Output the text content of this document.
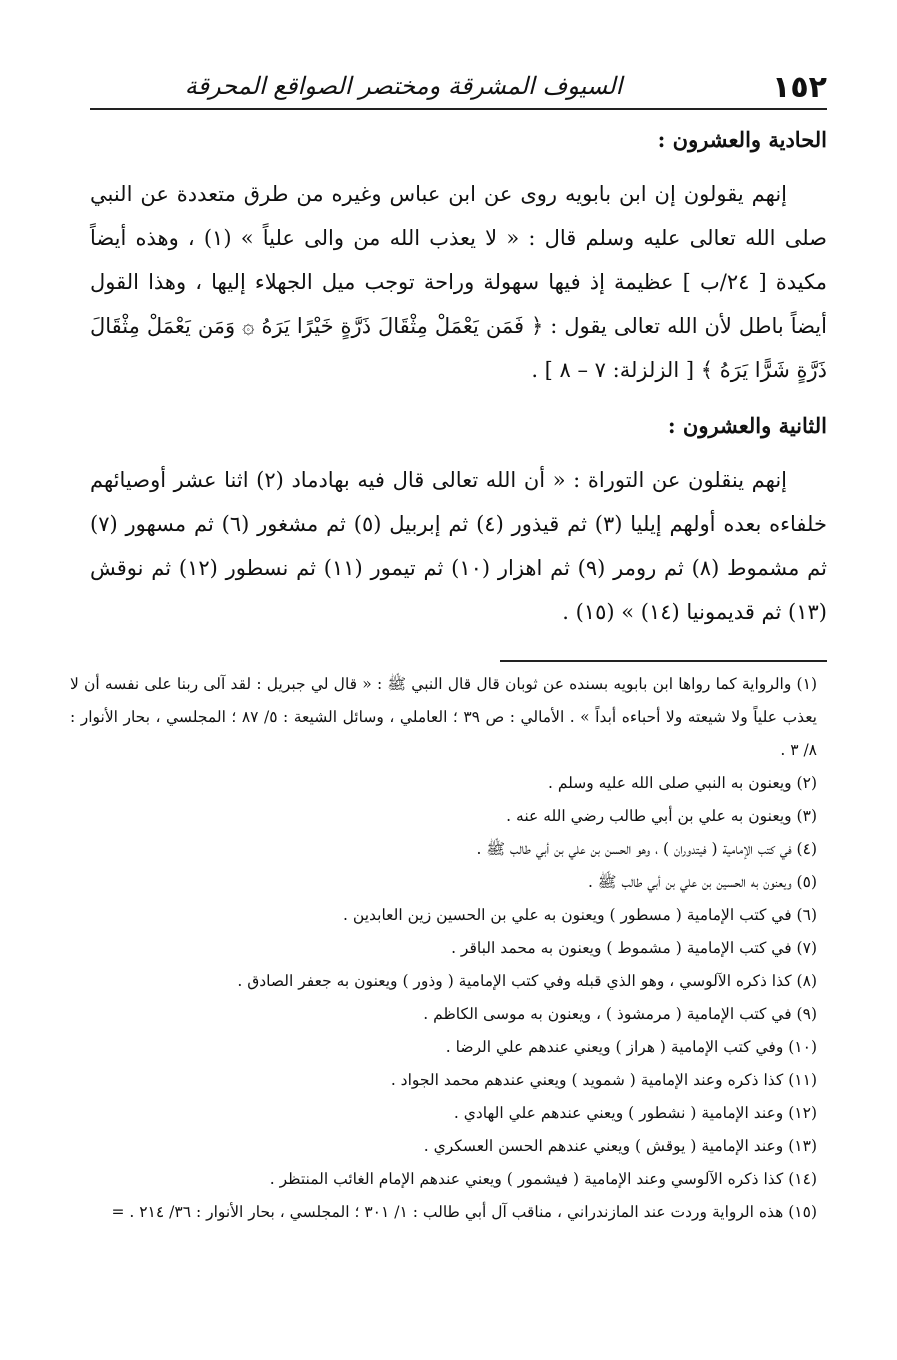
١٥٢
السيوف المشرقة ومختصر الصواقع المحرقة
الحادية والعشرون :

إنهم يقولون إن ابن بابويه روى عن ابن عباس وغيره من طرق متعددة عن النبي صلى الله تعالى عليه وسلم قال : « لا يعذب الله من والى علياً » (١) ، وهذه أيضاً مكيدة [ ٢٤/ب ] عظيمة إذ فيها سهولة وراحة توجب ميل الجهلاء إليها ، وهذا القول أيضاً باطل لأن الله تعالى يقول : ﴿ فَمَن يَعْمَلْ مِثْقَالَ ذَرَّةٍ خَيْرًا يَرَهُ ۞ وَمَن يَعْمَلْ مِثْقَالَ ذَرَّةٍ شَرًّا يَرَهُ ﴾ [ الزلزلة: ٧ – ٨ ] .

الثانية والعشرون :

إنهم ينقلون عن التوراة : « أن الله تعالى قال فيه بهادماد (٢) اثنا عشر أوصيائهم خلفاءه بعده أولهم إيليا (٣) ثم قيذور (٤) ثم إبربيل (٥) ثم مشغور (٦) ثم مسهور (٧) ثم مشموط (٨) ثم رومر (٩) ثم اهزار (١٠) ثم تيمور (١١) ثم نسطور (١٢) ثم نوقش (١٣) ثم قديمونيا (١٤) » (١٥) .

(١) والرواية كما رواها ابن بابويه بسنده عن ثوبان قال قال النبي ﷺ : « قال لي جبريل : لقد آلى ربنا على نفسه أن لا يعذب علياً ولا شيعته ولا أحباءه أبداً » . الأمالي : ص ٣٩ ؛ العاملي ، وسائل الشيعة : ٥/ ٨٧ ؛ المجلسي ، بحار الأنوار : ٨/ ٣ .

(٢) ويعنون به النبي صلى الله عليه وسلم .

(٣) ويعنون به علي بن أبي طالب رضي الله عنه .

(٤) في كتب الإمامية ( فيتدوران ) ، وهو الحسن بن علي بن أبي طالب ﷺ .

(٥) ويعنون به الحسين بن علي بن أبي طالب ﷺ .

(٦) في كتب الإمامية ( مسطور ) ويعنون به علي بن الحسين زين العابدين .

(٧) في كتب الإمامية ( مشموط ) ويعنون به محمد الباقر .

(٨) كذا ذكره الآلوسي ، وهو الذي قبله وفي كتب الإمامية ( وذور ) ويعنون به جعفر الصادق .

(٩) في كتب الإمامية ( مرمشوذ ) ، ويعنون به موسى الكاظم .

(١٠) وفي كتب الإمامية ( هراز ) ويعني عندهم علي الرضا .

(١١) كذا ذكره وعند الإمامية ( شمويد ) ويعني عندهم محمد الجواد .

(١٢) وعند الإمامية ( نشطور ) ويعني عندهم علي الهادي .

(١٣) وعند الإمامية ( يوقش ) ويعني عندهم الحسن العسكري .

(١٤) كذا ذكره الآلوسي وعند الإمامية ( فيشمور ) ويعني عندهم الإمام الغائب المنتظر .

(١٥) هذه الرواية وردت عند المازندراني ، مناقب آل أبي طالب : ١/ ٣٠١ ؛ المجلسي ، بحار الأنوار : ٣٦/ ٢١٤ . =
